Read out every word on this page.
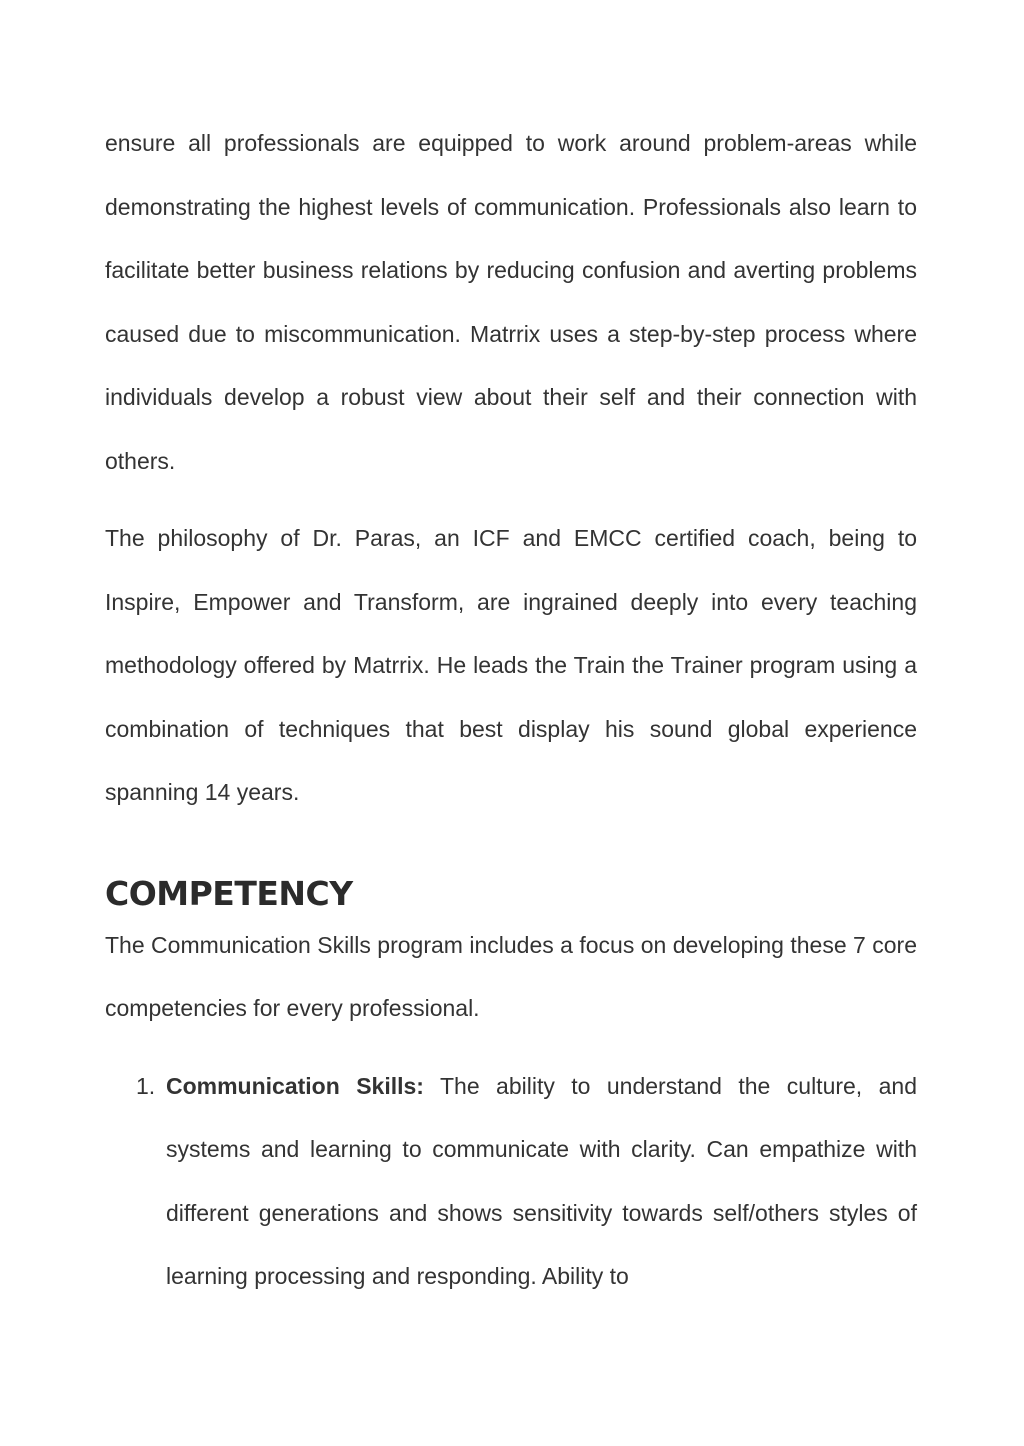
ensure all professionals are equipped to work around problem-areas while demonstrating the highest levels of communication. Professionals also learn to facilitate better business relations by reducing confusion and averting problems caused due to miscommunication. Matrrix uses a step-by-step process where individuals develop a robust view about their self and their connection with others.

The philosophy of Dr. Paras, an ICF and EMCC certified coach, being to Inspire, Empower and Transform, are ingrained deeply into every teaching methodology offered by Matrrix. He leads the Train the Trainer program using a combination of techniques that best display his sound global experience spanning 14 years.

COMPETENCY

The Communication Skills program includes a focus on developing these 7 core competencies for every professional.

1. Communication Skills: The ability to understand the culture, and systems and learning to communicate with clarity. Can empathize with different generations and shows sensitivity towards self/others styles of learning processing and responding. Ability to
